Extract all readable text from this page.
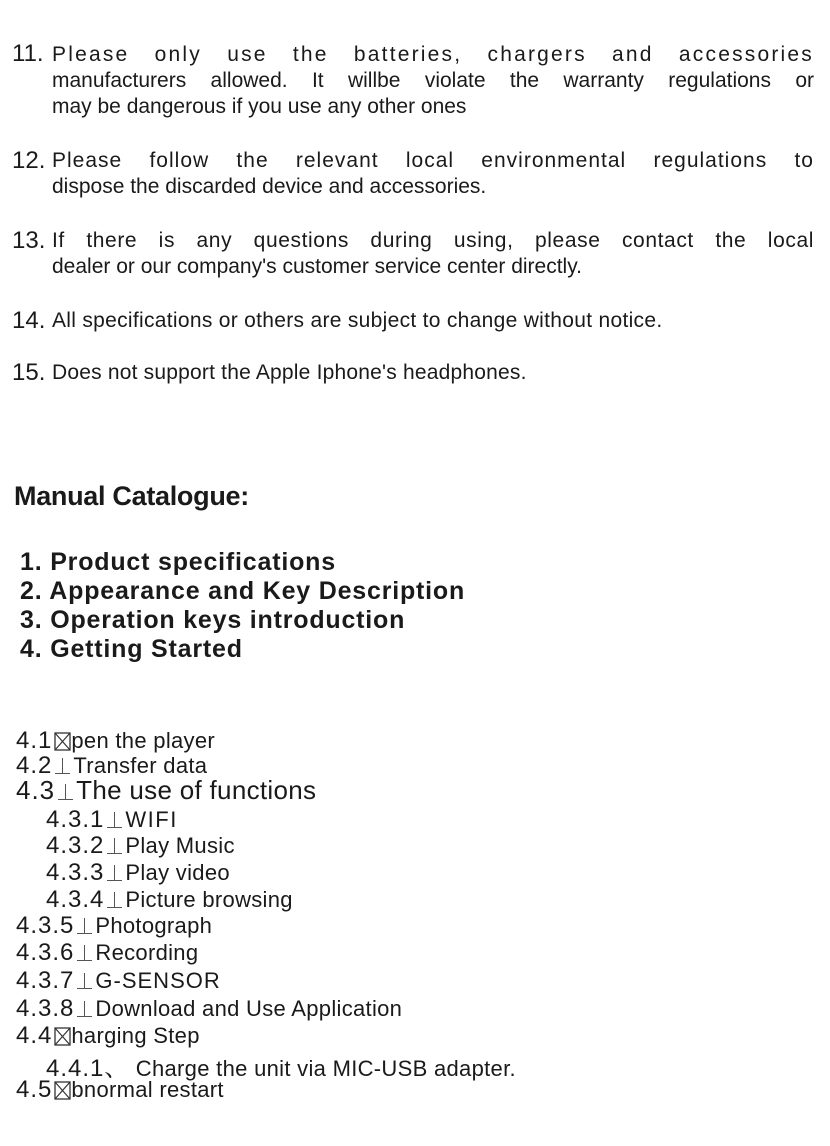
11. Please only use the batteries, chargers and accessories
manufacturers allowed. It willbe violate the warranty regulations or
may be dangerous if you use any other ones
12. Please follow the relevant local environmental regulations to
dispose the discarded device and accessories.
13. If there is any questions during using, please contact the local
dealer or our company's customer service center directly.
14. All specifications or others are subject to change without notice.
15. Does not support the Apple Iphone's headphones.
Manual Catalogue:
1. Product specifications
2. Appearance and Key Description
3. Operation keys introduction
4. Getting Started
4.1 pen the player
4.2 Transfer data
4.3 The use of functions
4.3.1 WIFI
4.3.2 Play Music
4.3.3 Play video
4.3.4 Picture browsing
4.3.5 Photograph
4.3.6 Recording
4.3.7 G-SENSOR
4.3.8 Download and Use Application
4.4 harging Step
4.4.1、 Charge the unit via MIC-USB adapter.
4.5 bnormal restart
